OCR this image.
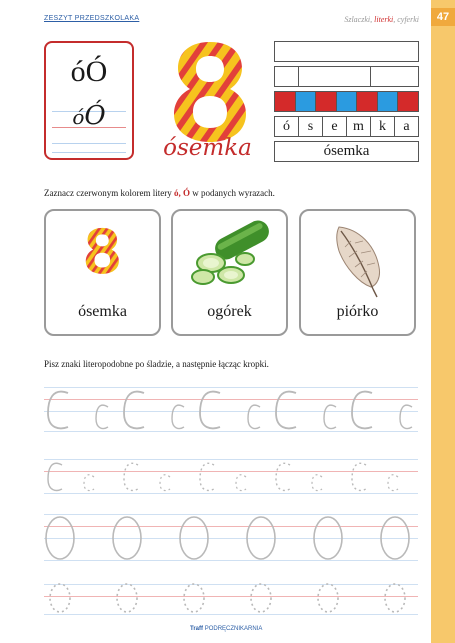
47
ZESZYT PRZEDSZKOLAKA	Szlaczki, literki, cyferki
óÓ
óÓ
ósemka
ó	s	e	m	k	a
ósemka
Zaznacz czerwonym kolorem litery ó, Ó w podanych wyrazach.
ósemka	ogórek	piórko
Pisz znaki literopodobne po śladzie, a następnie łącząc kropki.
Traff PODRĘCZNIKARNIA
